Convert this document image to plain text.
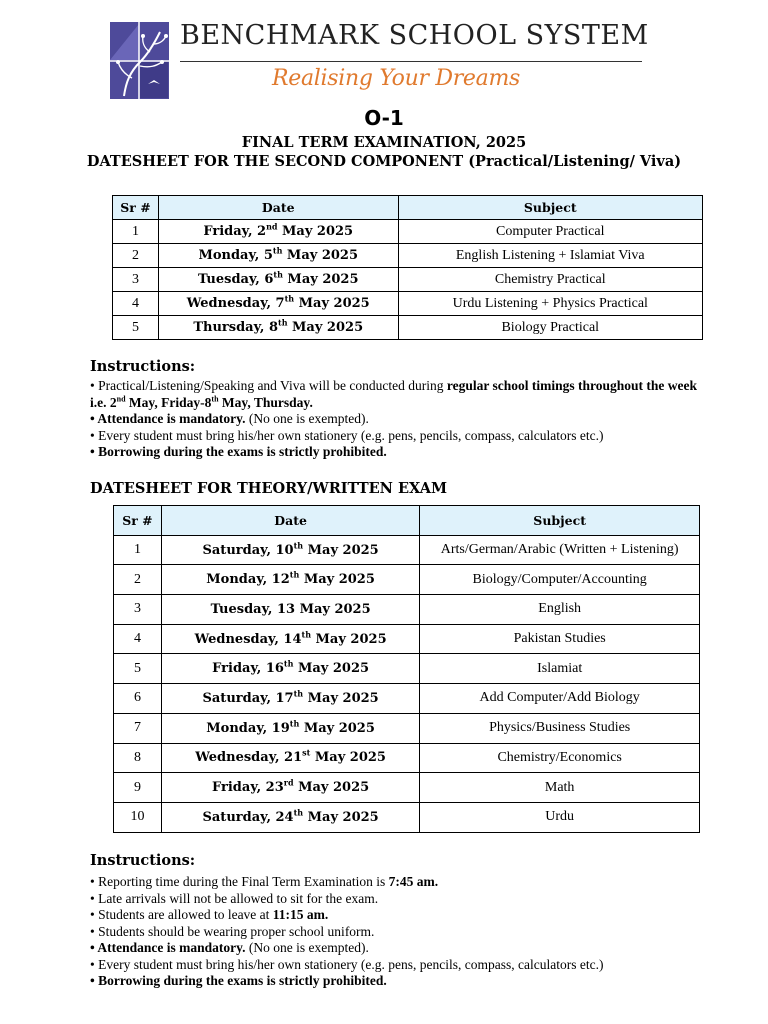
BENCHMARK SCHOOL SYSTEM
Realising Your Dreams
O-1
FINAL TERM EXAMINATION, 2025
DATESHEET FOR THE SECOND COMPONENT (Practical/Listening/ Viva)
Sr #	Date	Subject
1	Friday, 2nd May 2025	Computer Practical
2	Monday, 5th May 2025	English Listening + Islamiat Viva
3	Tuesday, 6th May 2025	Chemistry Practical
4	Wednesday, 7th May 2025	Urdu Listening + Physics Practical
5	Thursday, 8th May 2025	Biology Practical
Instructions:
• Practical/Listening/Speaking and Viva will be conducted during regular school timings throughout the week
i.e. 2nd May, Friday-8th May, Thursday.
• Attendance is mandatory. (No one is exempted).
• Every student must bring his/her own stationery (e.g. pens, pencils, compass, calculators etc.)
• Borrowing during the exams is strictly prohibited.
DATESHEET FOR THEORY/WRITTEN EXAM
Sr #	Date	Subject
1	Saturday, 10th May 2025	Arts/German/Arabic (Written + Listening)
2	Monday, 12th May 2025	Biology/Computer/Accounting
3	Tuesday, 13 May 2025	English
4	Wednesday, 14th May 2025	Pakistan Studies
5	Friday, 16th May 2025	Islamiat
6	Saturday, 17th May 2025	Add Computer/Add Biology
7	Monday, 19th May 2025	Physics/Business Studies
8	Wednesday, 21st May 2025	Chemistry/Economics
9	Friday, 23rd May 2025	Math
10	Saturday, 24th May 2025	Urdu
Instructions:
• Reporting time during the Final Term Examination is 7:45 am.
• Late arrivals will not be allowed to sit for the exam.
• Students are allowed to leave at 11:15 am.
• Students should be wearing proper school uniform.
• Attendance is mandatory. (No one is exempted).
• Every student must bring his/her own stationery (e.g. pens, pencils, compass, calculators etc.)
• Borrowing during the exams is strictly prohibited.
